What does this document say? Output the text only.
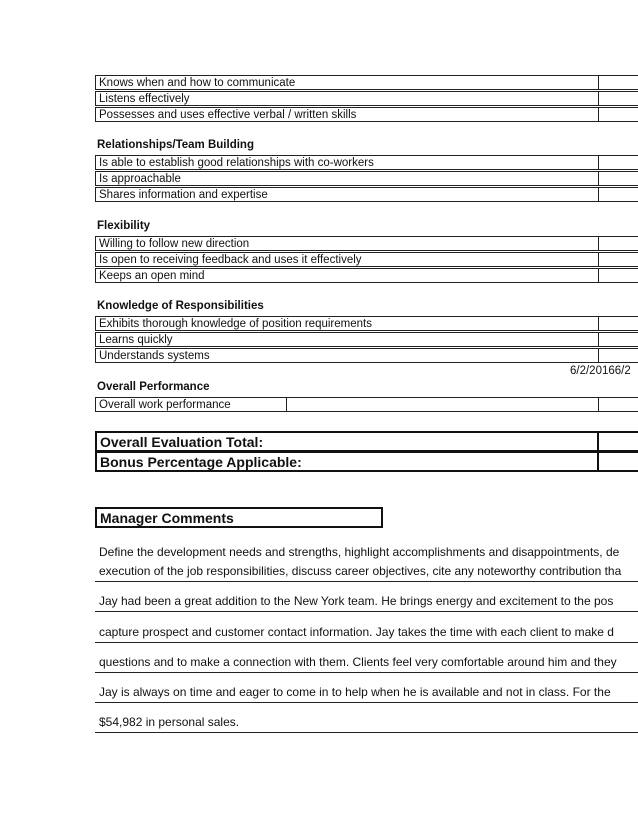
Knows when and how to communicate
Listens effectively
Possesses and uses effective verbal / written skills
Relationships/Team Building
Is able to establish good relationships with co-workers
Is approachable
Shares information and expertise
Flexibility
Willing to follow new direction
Is open to receiving feedback and uses it effectively
Keeps an open mind
Knowledge of Responsibilities
Exhibits thorough knowledge of position requirements
Learns quickly
Understands systems
6/2/20166/2
Overall Performance
Overall work performance
Overall Evaluation Total:
Bonus Percentage Applicable:
Manager Comments
Define the development needs and strengths, highlight accomplishments and disappointments, de
execution of the job responsibilities, discuss career objectives, cite any noteworthy contribution tha
Jay had been a great addition to the New York team. He brings energy and excitement to the pos
capture prospect and customer contact information. Jay takes the time with each client to make d
questions and to make a connection with them. Clients feel very comfortable around him and they
Jay is always on time and eager to come in to help when he is available and not in class. For the
$54,982 in personal sales.
